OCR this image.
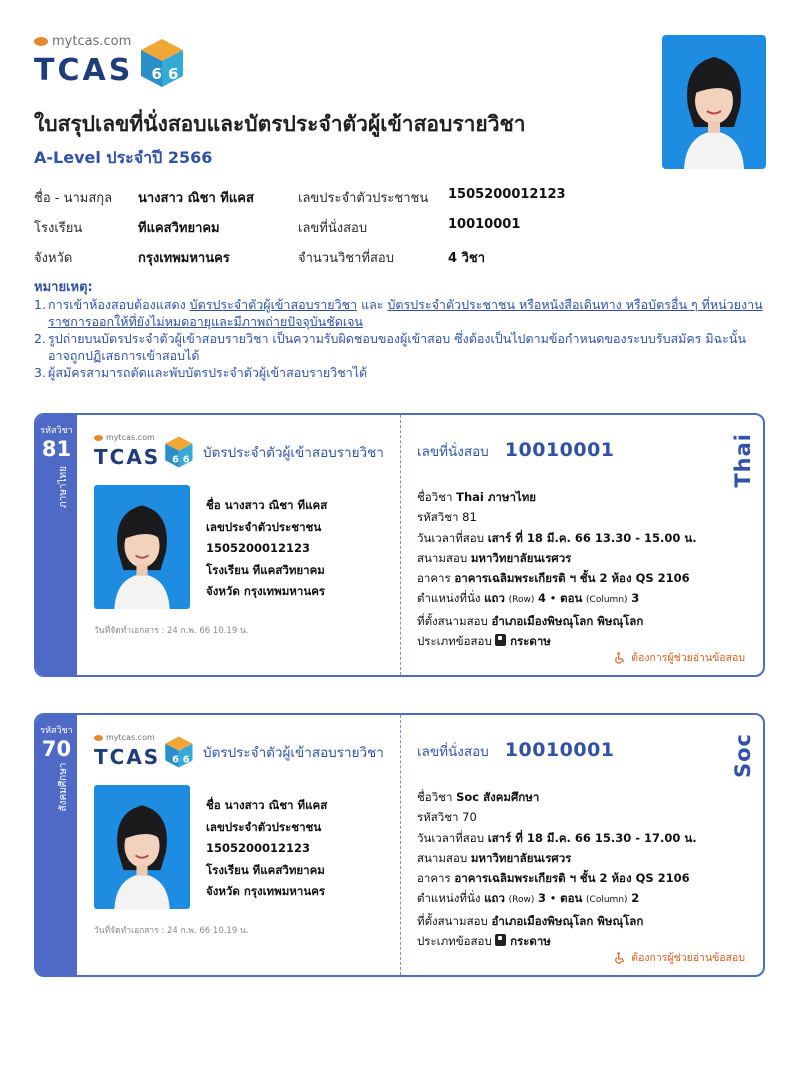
mytcas.com
TCAS 6 6
ใบสรุปเลขที่นั่งสอบและบัตรประจำตัวผู้เข้าสอบรายวิชา
A-Level ประจำปี 2566
ชื่อ - นามสกุล	นางสาว ณิชา ทีแคส	เลขประจำตัวประชาชน	1505200012123
โรงเรียน	ทีแคสวิทยาคม	เลขที่นั่งสอบ	10010001
จังหวัด	กรุงเทพมหานคร	จำนวนวิชาที่สอบ	4 วิชา
หมายเหตุ:
1. การเข้าห้องสอบต้องแสดง บัตรประจำตัวผู้เข้าสอบรายวิชา และ บัตรประจำตัวประชาชน หรือหนังสือเดินทาง หรือบัตรอื่น ๆ ที่หน่วยงานราชการออกให้ที่ยังไม่หมดอายุและมีภาพถ่ายปัจจุบันชัดเจน
2. รูปถ่ายบนบัตรประจำตัวผู้เข้าสอบรายวิชา เป็นความรับผิดชอบของผู้เข้าสอบ ซึ่งต้องเป็นไปตามข้อกำหนดของระบบรับสมัคร มิฉะนั้นอาจถูกปฏิเสธการเข้าสอบได้
3. ผู้สมัครสามารถตัดและพับบัตรประจำตัวผู้เข้าสอบรายวิชาได้
รหัสวิชา
81
ภาษาไทย
mytcas.com
TCAS 6 6 บัตรประจำตัวผู้เข้าสอบรายวิชา
ชื่อ นางสาว ณิชา ทีแคส
เลขประจำตัวประชาชน
1505200012123
โรงเรียน ทีแคสวิทยาคม
จังหวัด กรุงเทพมหานคร
วันที่จัดทำเอกสาร : 24 ก.พ. 66 10.19 น.
เลขที่นั่งสอบ 10010001	Thai
ชื่อวิชา Thai ภาษาไทย
รหัสวิชา 81
วันเวลาที่สอบ เสาร์ ที่ 18 มี.ค. 66 13.30 - 15.00 น.
สนามสอบ มหาวิทยาลัยนเรศวร
อาคาร อาคารเฉลิมพระเกียรติ ฯ ชั้น 2 ห้อง QS 2106
ตำแหน่งที่นั่ง แถว (Row) 4 • ตอน (Column) 3
ที่ตั้งสนามสอบ อำเภอเมืองพิษณุโลก พิษณุโลก
ประเภทข้อสอบ กระดาษ
ต้องการผู้ช่วยอ่านข้อสอบ
รหัสวิชา
70
สังคมศึกษา
mytcas.com
TCAS 6 6 บัตรประจำตัวผู้เข้าสอบรายวิชา
ชื่อ นางสาว ณิชา ทีแคส
เลขประจำตัวประชาชน
1505200012123
โรงเรียน ทีแคสวิทยาคม
จังหวัด กรุงเทพมหานคร
วันที่จัดทำเอกสาร : 24 ก.พ. 66 10.19 น.
เลขที่นั่งสอบ 10010001	Soc
ชื่อวิชา Soc สังคมศึกษา
รหัสวิชา 70
วันเวลาที่สอบ เสาร์ ที่ 18 มี.ค. 66 15.30 - 17.00 น.
สนามสอบ มหาวิทยาลัยนเรศวร
อาคาร อาคารเฉลิมพระเกียรติ ฯ ชั้น 2 ห้อง QS 2106
ตำแหน่งที่นั่ง แถว (Row) 3 • ตอน (Column) 2
ที่ตั้งสนามสอบ อำเภอเมืองพิษณุโลก พิษณุโลก
ประเภทข้อสอบ กระดาษ
ต้องการผู้ช่วยอ่านข้อสอบ
